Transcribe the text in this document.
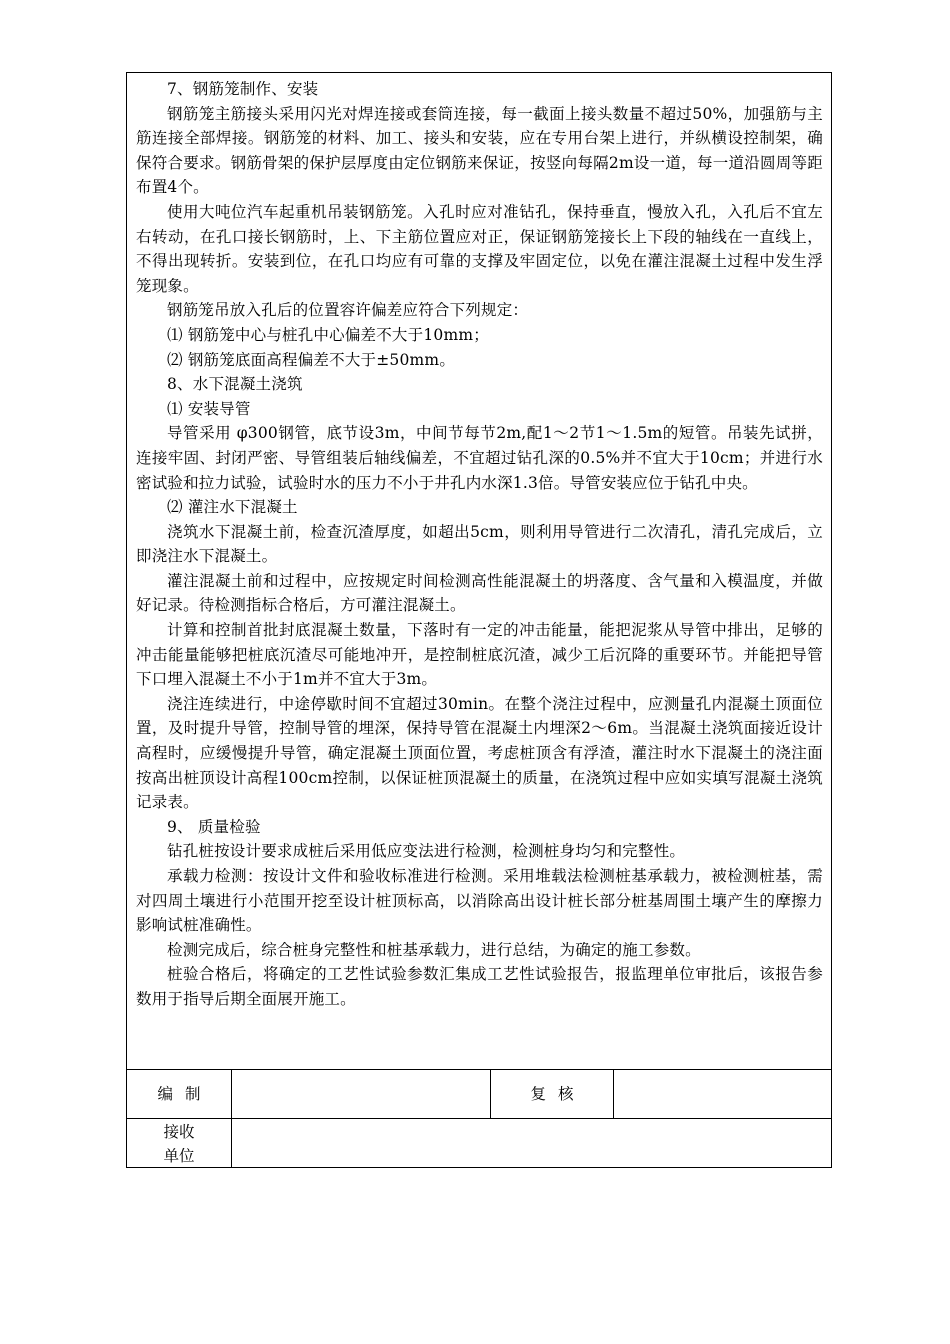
7、钢筋笼制作、安装

钢筋笼主筋接头采用闪光对焊连接或套筒连接，每一截面上接头数量不超过50%，加强筋与主筋连接全部焊接。钢筋笼的材料、加工、接头和安装，应在专用台架上进行，并纵横设控制架，确保符合要求。钢筋骨架的保护层厚度由定位钢筋来保证，按竖向每隔2m设一道，每一道沿圆周等距布置4个。

使用大吨位汽车起重机吊装钢筋笼。入孔时应对准钻孔，保持垂直，慢放入孔，入孔后不宜左右转动，在孔口接长钢筋时，上、下主筋位置应对正，保证钢筋笼接长上下段的轴线在一直线上，不得出现转折。安装到位，在孔口均应有可靠的支撑及牢固定位，以免在灌注混凝土过程中发生浮笼现象。

钢筋笼吊放入孔后的位置容许偏差应符合下列规定：

⑴ 钢筋笼中心与桩孔中心偏差不大于10mm；

⑵ 钢筋笼底面高程偏差不大于±50mm。

8、水下混凝土浇筑

⑴ 安装导管

导管采用 φ300钢管，底节设3m，中间节每节2m,配1～2节1～1.5m的短管。吊装先试拼，连接牢固、封闭严密、导管组装后轴线偏差，不宜超过钻孔深的0.5%并不宜大于10cm；并进行水密试验和拉力试验，试验时水的压力不小于井孔内水深1.3倍。导管安装应位于钻孔中央。

⑵ 灌注水下混凝土

浇筑水下混凝土前，检查沉渣厚度，如超出5cm，则利用导管进行二次清孔，清孔完成后，立即浇注水下混凝土。

灌注混凝土前和过程中，应按规定时间检测高性能混凝土的坍落度、含气量和入模温度，并做好记录。待检测指标合格后，方可灌注混凝土。

计算和控制首批封底混凝土数量，下落时有一定的冲击能量，能把泥浆从导管中排出，足够的冲击能量能够把桩底沉渣尽可能地冲开，是控制桩底沉渣，减少工后沉降的重要环节。并能把导管下口埋入混凝土不小于1m并不宜大于3m。

浇注连续进行，中途停歇时间不宜超过30min。在整个浇注过程中，应测量孔内混凝土顶面位置，及时提升导管，控制导管的埋深，保持导管在混凝土内埋深2～6m。当混凝土浇筑面接近设计高程时，应缓慢提升导管，确定混凝土顶面位置，考虑桩顶含有浮渣，灌注时水下混凝土的浇注面按高出桩顶设计高程100cm控制，以保证桩顶混凝土的质量，在浇筑过程中应如实填写混凝土浇筑记录表。

9、 质量检验

钻孔桩按设计要求成桩后采用低应变法进行检测，检测桩身均匀和完整性。

承载力检测：按设计文件和验收标准进行检测。采用堆载法检测桩基承载力，被检测桩基，需对四周土壤进行小范围开挖至设计桩顶标高，以消除高出设计桩长部分桩基周围土壤产生的摩擦力影响试桩准确性。

检测完成后，综合桩身完整性和桩基承载力，进行总结，为确定的施工参数。

桩验合格后，将确定的工艺性试验参数汇集成工艺性试验报告，报监理单位审批后，该报告参数用于指导后期全面展开施工。

编制	复核
接收
单位
